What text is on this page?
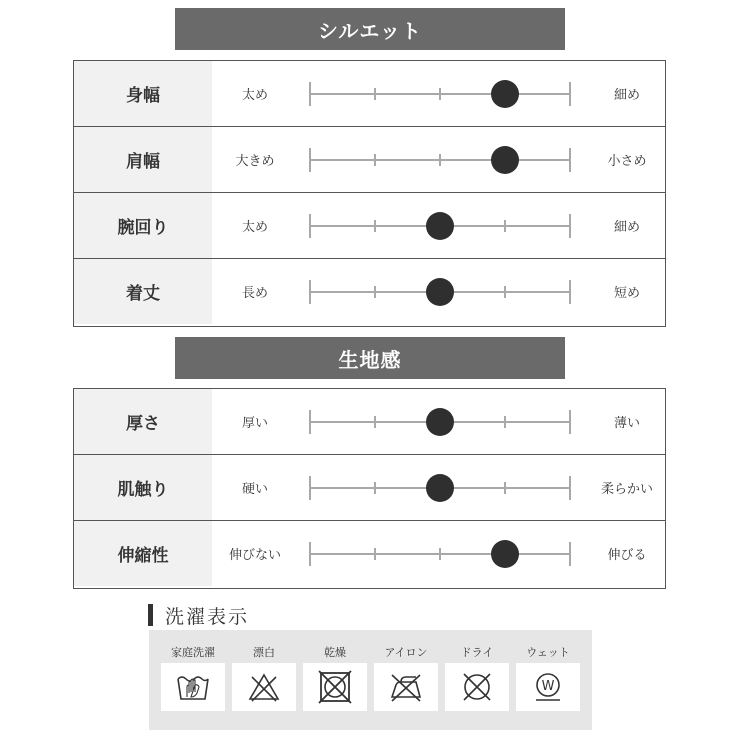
シルエット
身幅	太め	細め
肩幅	大きめ	小さめ
腕回り	太め	細め
着丈	長め	短め
生地感
厚さ	厚い	薄い
肌触り	硬い	柔らかい
伸縮性	伸びない	伸びる
洗濯表示
家庭洗濯	漂白	乾燥	アイロン	ドライ	ウェット
W
